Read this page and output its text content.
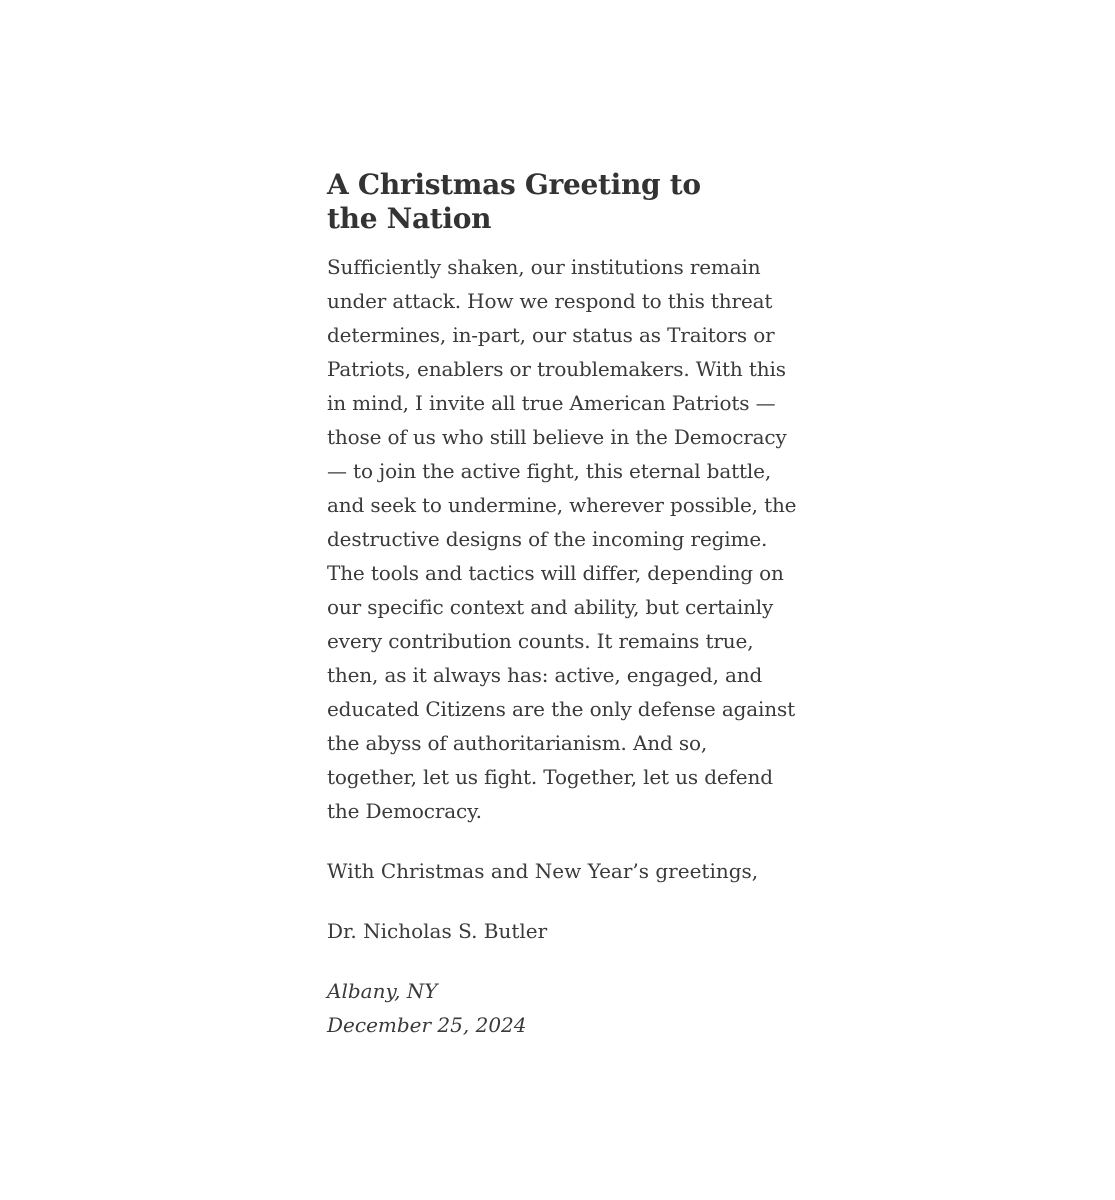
A Christmas Greeting to the Nation

Sufficiently shaken, our institutions remain under attack. How we respond to this threat determines, in-part, our status as Traitors or Patriots, enablers or troublemakers. With this in mind, I invite all true American Patriots — those of us who still believe in the Democracy — to join the active fight, this eternal battle, and seek to undermine, wherever possible, the destructive designs of the incoming regime. The tools and tactics will differ, depending on our specific context and ability, but certainly every contribution counts. It remains true, then, as it always has: active, engaged, and educated Citizens are the only defense against the abyss of authoritarianism. And so, together, let us fight. Together, let us defend the Democracy.

With Christmas and New Year’s greetings,

Dr. Nicholas S. Butler

Albany, NY
December 25, 2024
